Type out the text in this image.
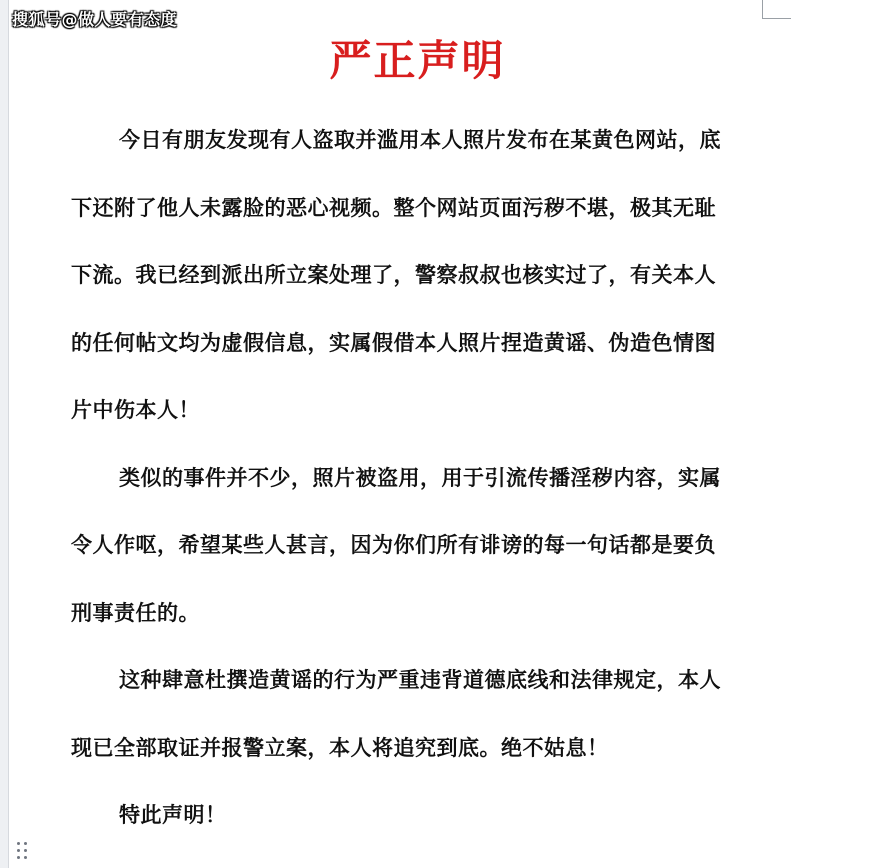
搜狐号@做人要有态度
严正声明
今日有朋友发现有人盗取并滥用本人照片发布在某黄色网站，底
下还附了他人未露脸的恶心视频。整个网站页面污秽不堪，极其无耻
下流。我已经到派出所立案处理了，警察叔叔也核实过了，有关本人
的任何帖文均为虚假信息，实属假借本人照片捏造黄谣、伪造色情图
片中伤本人！
类似的事件并不少，照片被盗用，用于引流传播淫秽内容，实属
令人作呕，希望某些人甚言，因为你们所有诽谤的每一句话都是要负
刑事责任的。
这种肆意杜撰造黄谣的行为严重违背道德底线和法律规定，本人
现已全部取证并报警立案，本人将追究到底。绝不姑息！
特此声明！
